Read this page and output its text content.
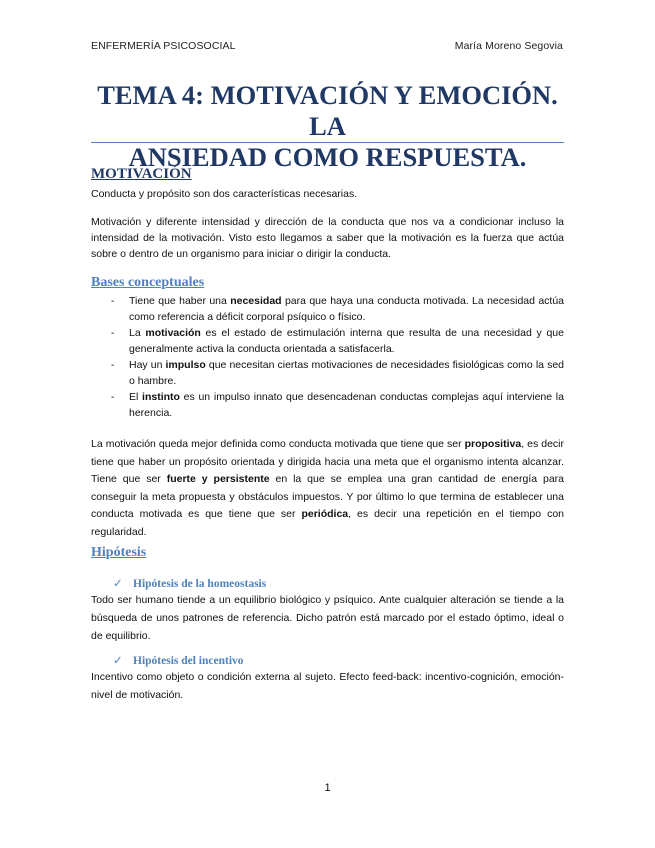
ENFERMERÍA PSICOSOCIAL	María Moreno Segovia
TEMA 4: MOTIVACIÓN Y EMOCIÓN. LA
ANSIEDAD COMO RESPUESTA.
MOTIVACIÓN

Conducta y propósito son dos características necesarias.

Motivación y diferente intensidad y dirección de la conducta que nos va a condicionar incluso la intensidad de la motivación. Visto esto llegamos a saber que la motivación es la fuerza que actúa sobre o dentro de un organismo para iniciar o dirigir la conducta.

Bases conceptuales
- Tiene que haber una necesidad para que haya una conducta motivada. La necesidad actúa como referencia a déficit corporal psíquico o físico.
- La motivación es el estado de estimulación interna que resulta de una necesidad y que generalmente activa la conducta orientada a satisfacerla.
- Hay un impulso que necesitan ciertas motivaciones de necesidades fisiológicas como la sed o hambre.
- El instinto es un impulso innato que desencadenan conductas complejas aquí interviene la herencia.

La motivación queda mejor definida como conducta motivada que tiene que ser propositiva, es decir tiene que haber un propósito orientada y dirigida hacia una meta que el organismo intenta alcanzar. Tiene que ser fuerte y persistente en la que se emplea una gran cantidad de energía para conseguir la meta propuesta y obstáculos impuestos. Y por último lo que termina de establecer una conducta motivada es que tiene que ser periódica, es decir una repetición en el tiempo con regularidad.

Hipótesis
✓ Hipótesis de la homeostasis

Todo ser humano tiende a un equilibrio biológico y psíquico. Ante cualquier alteración se tiende a la búsqueda de unos patrones de referencia. Dicho patrón está marcado por el estado óptimo, ideal o de equilibrio.

✓ Hipótesis del incentivo

Incentivo como objeto o condición externa al sujeto. Efecto feed-back: incentivo-cognición, emoción- nivel de motivación.

1
